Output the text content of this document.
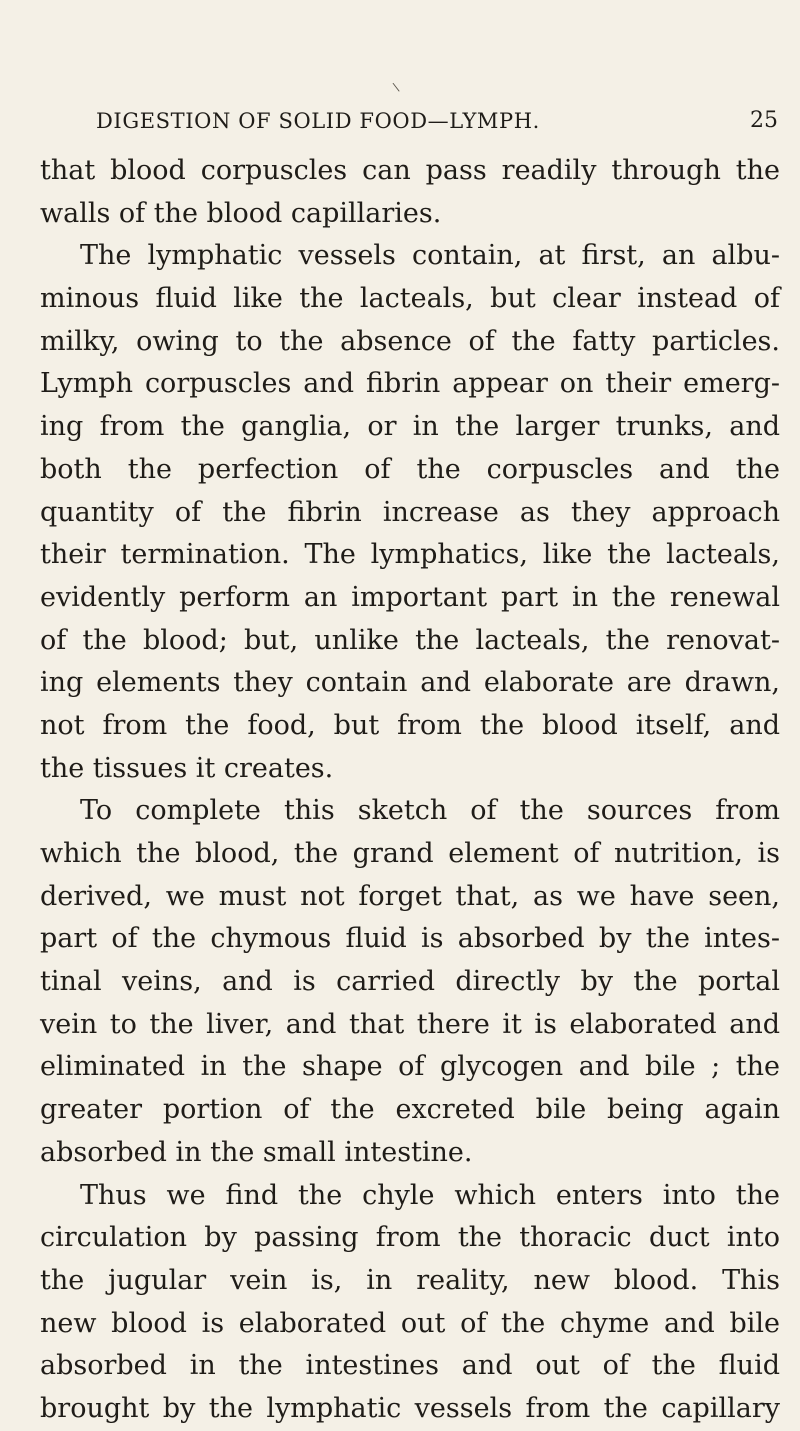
\
DIGESTION OF SOLID FOOD—LYMPH.	25
that blood corpuscles can pass readily through the
walls of the blood capillaries.
The lymphatic vessels contain, at first, an albu-
minous fluid like the lacteals, but clear instead of
milky, owing to the absence of the fatty particles.
Lymph corpuscles and fibrin appear on their emerg-
ing from the ganglia, or in the larger trunks, and
both the perfection of the corpuscles and the
quantity of the fibrin increase as they approach
their termination. The lymphatics, like the lacteals,
evidently perform an important part in the renewal
of the blood; but, unlike the lacteals, the renovat-
ing elements they contain and elaborate are drawn,
not from the food, but from the blood itself, and
the tissues it creates.
To complete this sketch of the sources from
which the blood, the grand element of nutrition, is
derived, we must not forget that, as we have seen,
part of the chymous fluid is absorbed by the intes-
tinal veins, and is carried directly by the portal
vein to the liver, and that there it is elaborated and
eliminated in the shape of glycogen and bile ; the
greater portion of the excreted bile being again
absorbed in the small intestine.
Thus we find the chyle which enters into the
circulation by passing from the thoracic duct into
the jugular vein is, in reality, new blood. This
new blood is elaborated out of the chyme and bile
absorbed in the intestines and out of the fluid
brought by the lymphatic vessels from the capillary
